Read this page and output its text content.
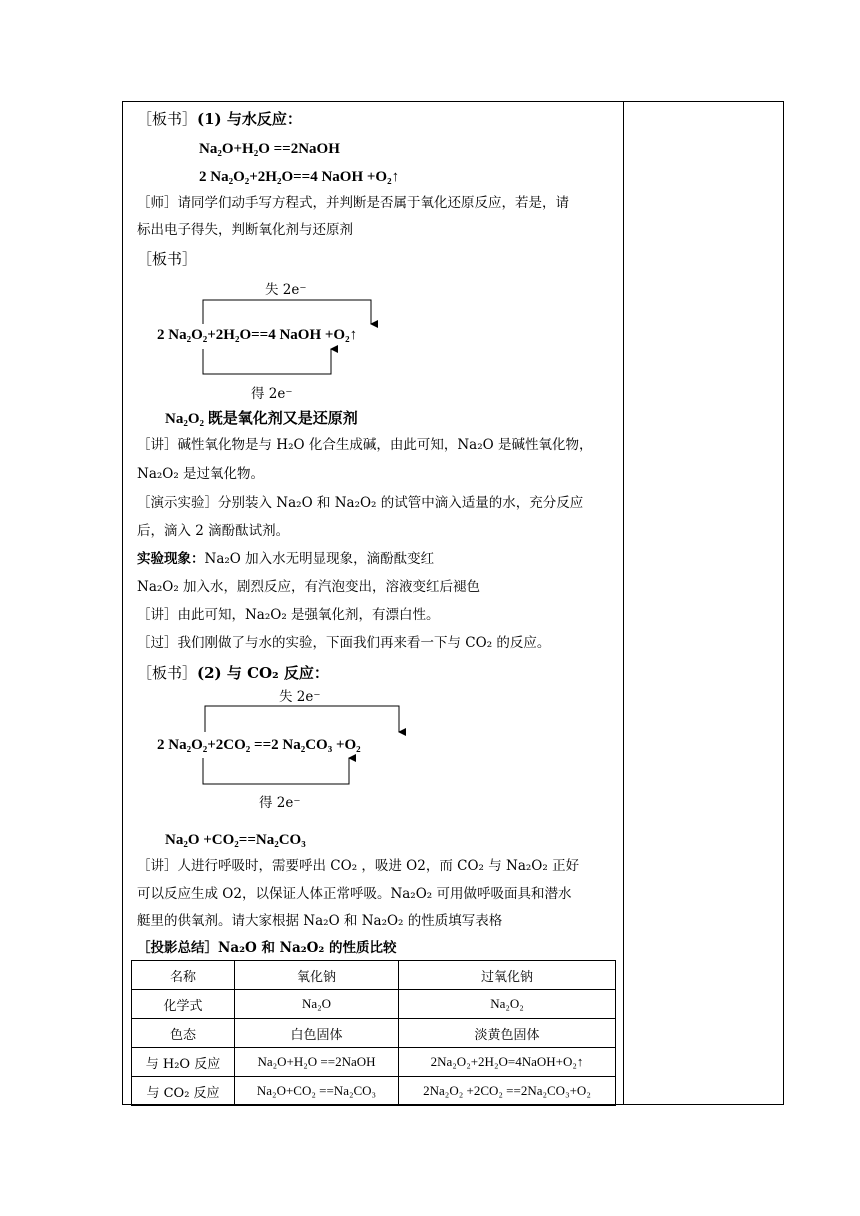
［板书］(1) 与水反应：
Na₂O+H₂O ==2NaOH
2 Na₂O₂+2H₂O==4 NaOH +O₂↑
［师］请同学们动手写方程式，并判断是否属于氧化还原反应，若是，请
标出电子得失，判断氧化剂与还原剂
［板书］
失 2e⁻
2 Na₂O₂+2H₂O==4 NaOH +O₂↑
得 2e⁻
Na₂O₂ 既是氧化剂又是还原剂
［讲］碱性氧化物是与 H₂O 化合生成碱，由此可知，Na₂O 是碱性氧化物，
Na₂O₂ 是过氧化物。
［演示实验］分别装入 Na₂O 和 Na₂O₂ 的试管中滴入适量的水，充分反应
后，滴入 2 滴酚酞试剂。
实验现象：Na₂O 加入水无明显现象，滴酚酞变红
Na₂O₂ 加入水，剧烈反应，有汽泡变出，溶液变红后褪色
［讲］由此可知，Na₂O₂ 是强氧化剂，有漂白性。
［过］我们刚做了与水的实验，下面我们再来看一下与 CO₂ 的反应。
［板书］(2) 与 CO₂ 反应：
失 2e⁻
2 Na₂O₂+2CO₂ ==2 Na₂CO₃ +O₂
得 2e⁻
Na₂O +CO₂==Na₂CO₃
［讲］人进行呼吸时，需要呼出 CO₂ ，吸进 O2，而 CO₂ 与 Na₂O₂ 正好
可以反应生成 O2，以保证人体正常呼吸。Na₂O₂ 可用做呼吸面具和潜水
艇里的供氧剂。请大家根据 Na₂O 和 Na₂O₂ 的性质填写表格
［投影总结］Na₂O 和 Na₂O₂ 的性质比较
名称	氧化钠	过氧化钠
化学式	Na₂O	Na₂O₂
色态	白色固体	淡黄色固体
与 H₂O 反应	Na₂O+H₂O ==2NaOH	2Na₂O₂+2H₂O=4NaOH+O₂↑
与 CO₂ 反应	Na₂O+CO₂ ==Na₂CO₃	2Na₂O₂ +2CO₂ ==2Na₂CO₃+O₂
